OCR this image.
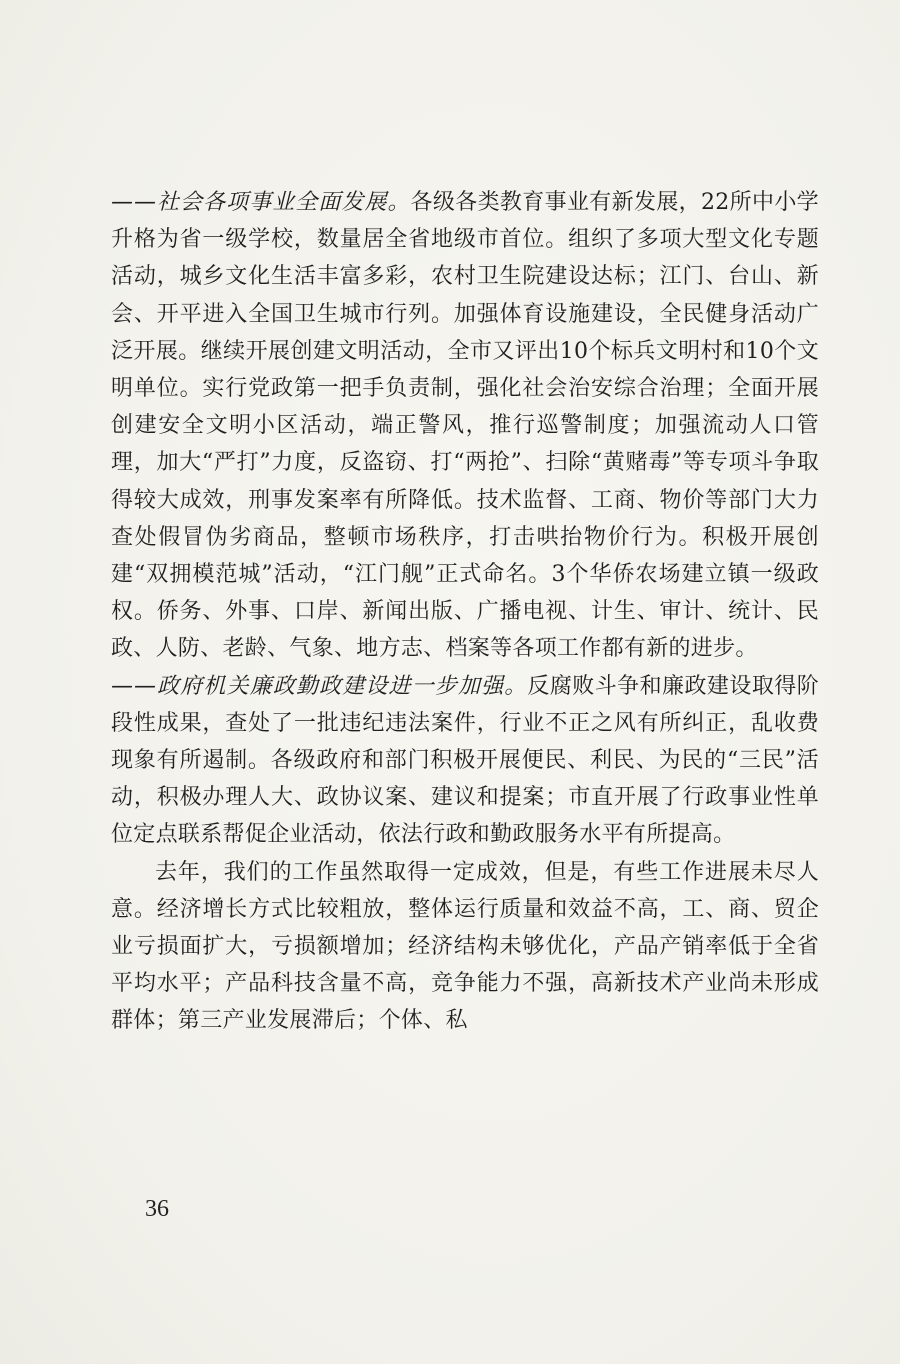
——社会各项事业全面发展。各级各类教育事业有新发展，22所中小学升格为省一级学校，数量居全省地级市首位。组织了多项大型文化专题活动，城乡文化生活丰富多彩，农村卫生院建设达标；江门、台山、新会、开平进入全国卫生城市行列。加强体育设施建设，全民健身活动广泛开展。继续开展创建文明活动，全市又评出10个标兵文明村和10个文明单位。实行党政第一把手负责制，强化社会治安综合治理；全面开展创建安全文明小区活动，端正警风，推行巡警制度；加强流动人口管理，加大“严打”力度，反盗窃、打“两抢”、扫除“黄赌毒”等专项斗争取得较大成效，刑事发案率有所降低。技术监督、工商、物价等部门大力查处假冒伪劣商品，整顿市场秩序，打击哄抬物价行为。积极开展创建“双拥模范城”活动，“江门舰”正式命名。3个华侨农场建立镇一级政权。侨务、外事、口岸、新闻出版、广播电视、计生、审计、统计、民政、人防、老龄、气象、地方志、档案等各项工作都有新的进步。

——政府机关廉政勤政建设进一步加强。反腐败斗争和廉政建设取得阶段性成果，查处了一批违纪违法案件，行业不正之风有所纠正，乱收费现象有所遏制。各级政府和部门积极开展便民、利民、为民的“三民”活动，积极办理人大、政协议案、建议和提案；市直开展了行政事业性单位定点联系帮促企业活动，依法行政和勤政服务水平有所提高。

去年，我们的工作虽然取得一定成效，但是，有些工作进展未尽人意。经济增长方式比较粗放，整体运行质量和效益不高，工、商、贸企业亏损面扩大，亏损额增加；经济结构未够优化，产品产销率低于全省平均水平；产品科技含量不高，竞争能力不强，高新技术产业尚未形成群体；第三产业发展滞后；个体、私

36
